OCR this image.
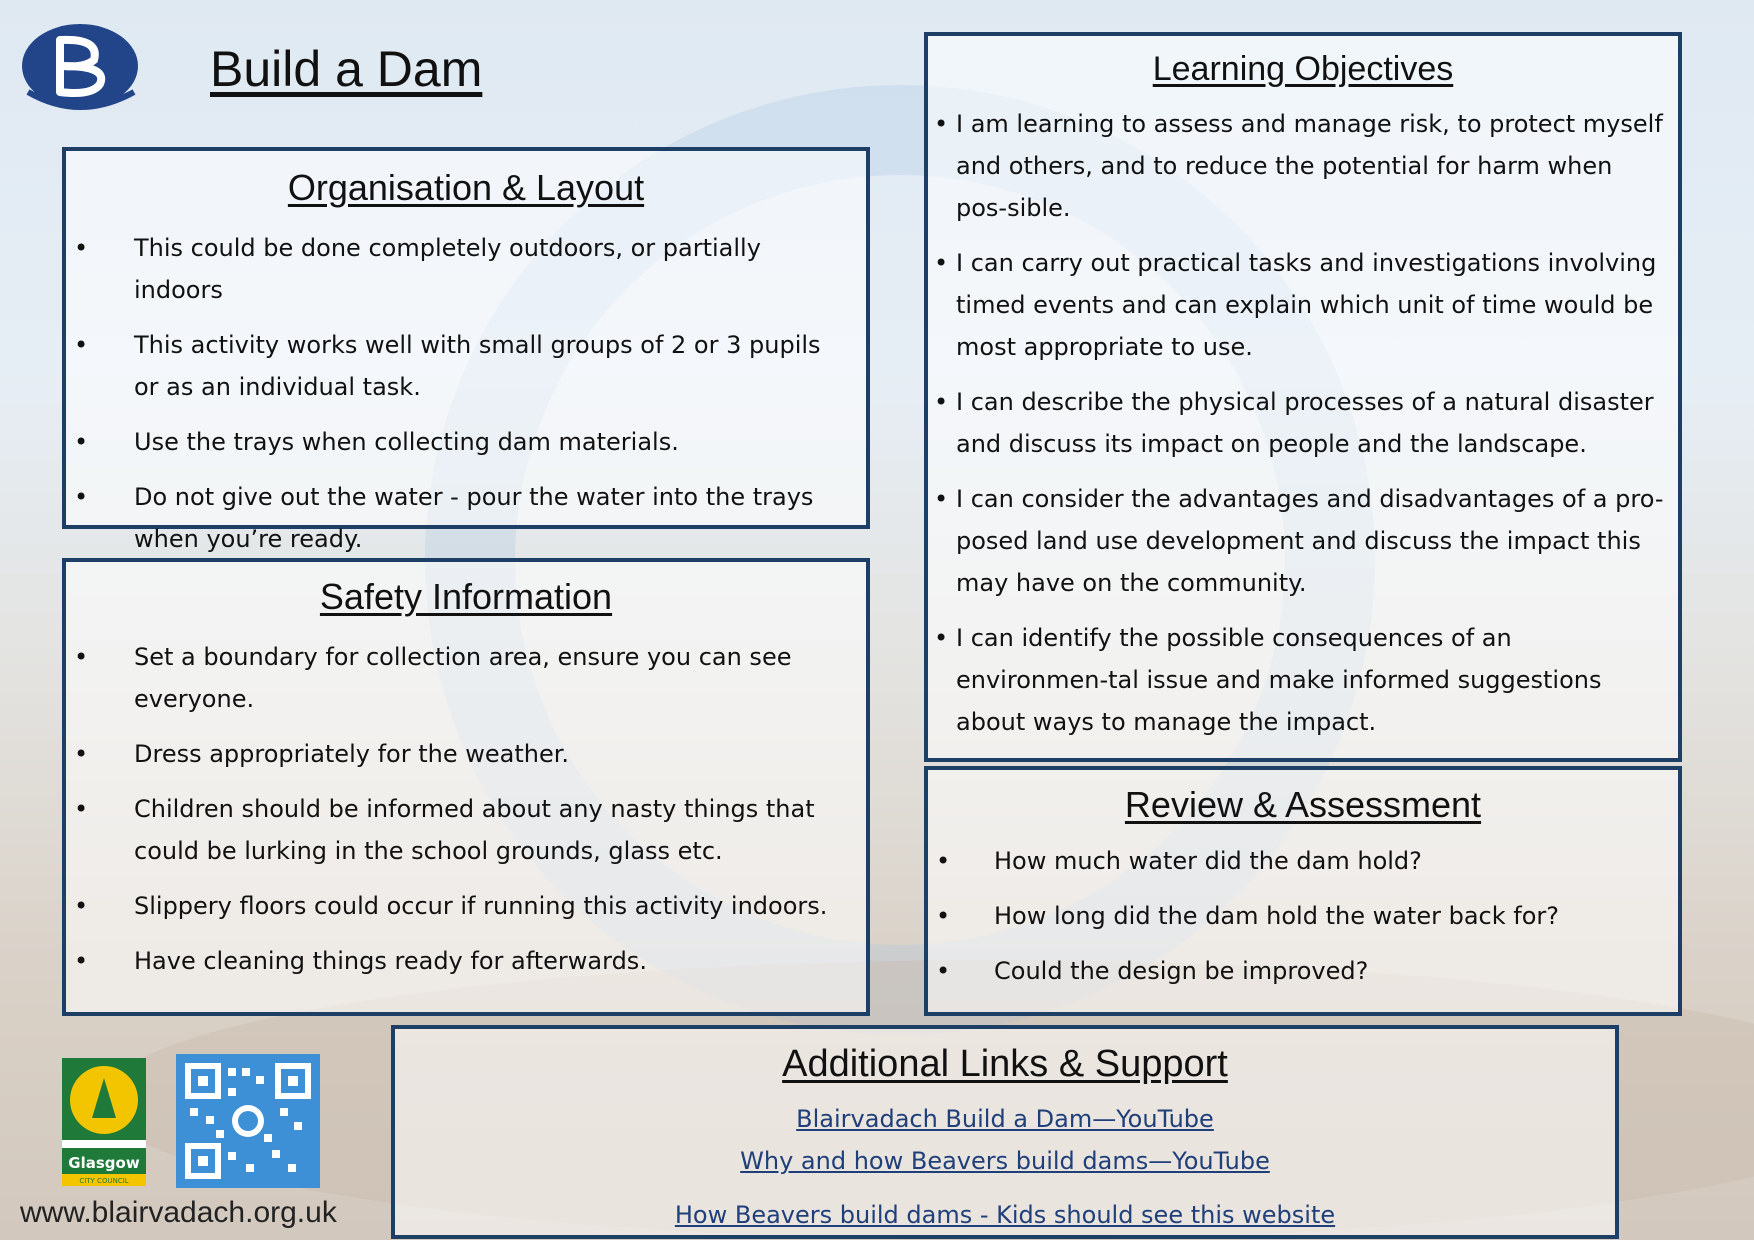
Build a Dam
Organisation & Layout
• This could be done completely outdoors, or partially indoors
• This activity works well with small groups of 2 or 3 pupils or as an individual task.
• Use the trays when collecting dam materials.
• Do not give out the water - pour the water into the trays when you’re ready.
Safety Information
• Set a boundary for collection area, ensure you can see everyone.
• Dress appropriately for the weather.
• Children should be informed about any nasty things that could be lurking in the school grounds, glass etc.
• Slippery floors could occur if running this activity indoors.
• Have cleaning things ready for afterwards.
Learning Objectives
• I am learning to assess and manage risk, to protect myself and others, and to reduce the potential for harm when pos-sible.
• I can carry out practical tasks and investigations involving timed events and can explain which unit of time would be most appropriate to use.
• I can describe the physical processes of a natural disaster and discuss its impact on people and the landscape.
• I can consider the advantages and disadvantages of a pro-posed land use development and discuss the impact this may have on the community.
• I can identify the possible consequences of an environmen-tal issue and make informed suggestions about ways to manage the impact.
Review & Assessment
• How much water did the dam hold?
• How long did the dam hold the water back for?
• Could the design be improved?
Additional Links & Support
Blairvadach Build a Dam—YouTube
Why and how Beavers build dams—YouTube
How Beavers build dams - Kids should see this website
Glasgow
CITY COUNCIL
www.blairvadach.org.uk
